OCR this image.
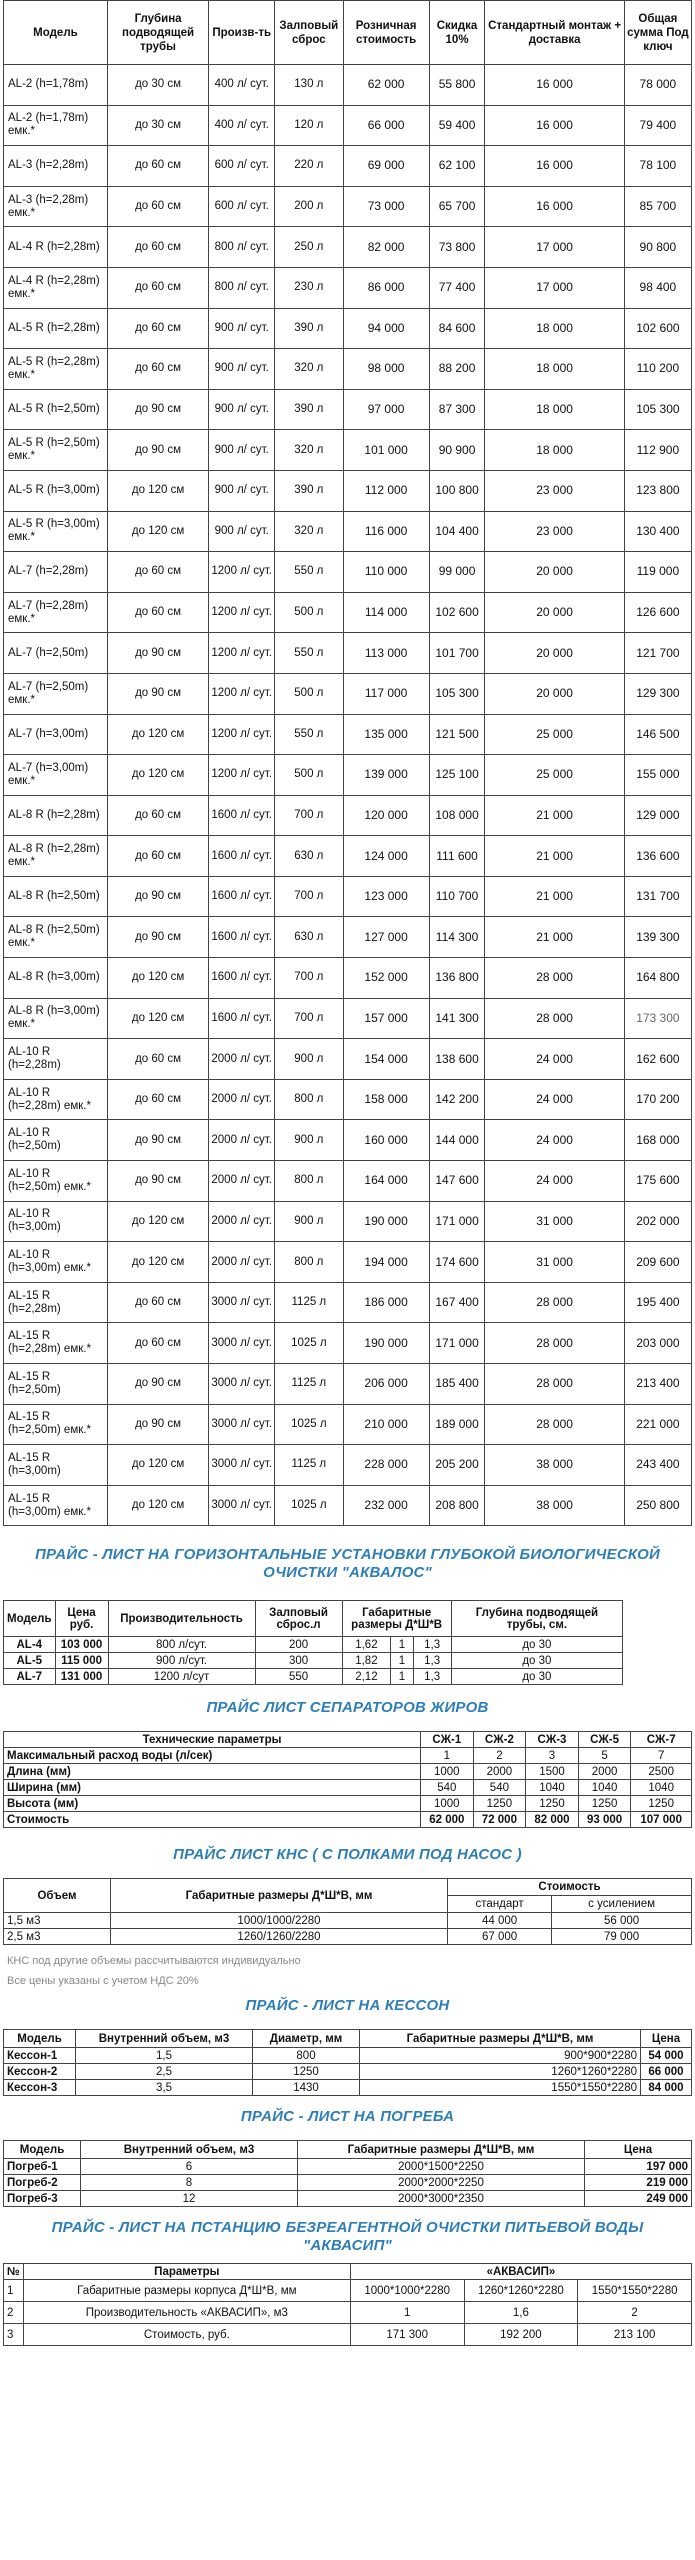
Модель	Глубина подводящей трубы	Произв-ть	Залповый сброс	Розничная стоимость	Скидка 10%	Стандартный монтаж + доставка	Общая сумма Под ключ
AL-2 (h=1,78m)	до 30 см	400 л/ сут.	130 л	62 000	55 800	16 000	78 000
AL-2 (h=1,78m) емк.*	до 30 см	400 л/ сут.	120 л	66 000	59 400	16 000	79 400
AL-3 (h=2,28m)	до 60 см	600 л/ сут.	220 л	69 000	62 100	16 000	78 100
AL-3 (h=2,28m) емк.*	до 60 см	600 л/ сут.	200 л	73 000	65 700	16 000	85 700
AL-4 R (h=2,28m)	до 60 см	800 л/ сут.	250 л	82 000	73 800	17 000	90 800
AL-4 R (h=2,28m) емк.*	до 60 см	800 л/ сут.	230 л	86 000	77 400	17 000	98 400
AL-5 R (h=2,28m)	до 60 см	900 л/ сут.	390 л	94 000	84 600	18 000	102 600
AL-5 R (h=2,28m) емк.*	до 60 см	900 л/ сут.	320 л	98 000	88 200	18 000	110 200
AL-5 R (h=2,50m)	до 90 см	900 л/ сут.	390 л	97 000	87 300	18 000	105 300
AL-5 R (h=2,50m) емк.*	до 90 см	900 л/ сут.	320 л	101 000	90 900	18 000	112 900
AL-5 R (h=3,00m)	до 120 см	900 л/ сут.	390 л	112 000	100 800	23 000	123 800
AL-5 R (h=3,00m) емк.*	до 120 см	900 л/ сут.	320 л	116 000	104 400	23 000	130 400
AL-7 (h=2,28m)	до 60 см	1200 л/ сут.	550 л	110 000	99 000	20 000	119 000
AL-7 (h=2,28m) емк.*	до 60 см	1200 л/ сут.	500 л	114 000	102 600	20 000	126 600
AL-7 (h=2,50m)	до 90 см	1200 л/ сут.	550 л	113 000	101 700	20 000	121 700
AL-7 (h=2,50m) емк.*	до 90 см	1200 л/ сут.	500 л	117 000	105 300	20 000	129 300
AL-7 (h=3,00m)	до 120 см	1200 л/ сут.	550 л	135 000	121 500	25 000	146 500
AL-7 (h=3,00m) емк.*	до 120 см	1200 л/ сут.	500 л	139 000	125 100	25 000	155 000
AL-8 R (h=2,28m)	до 60 см	1600 л/ сут.	700 л	120 000	108 000	21 000	129 000
AL-8 R (h=2,28m) емк.*	до 60 см	1600 л/ сут.	630 л	124 000	111 600	21 000	136 600
AL-8 R (h=2,50m)	до 90 см	1600 л/ сут.	700 л	123 000	110 700	21 000	131 700
AL-8 R (h=2,50m) емк.*	до 90 см	1600 л/ сут.	630 л	127 000	114 300	21 000	139 300
AL-8 R (h=3,00m)	до 120 см	1600 л/ сут.	700 л	152 000	136 800	28 000	164 800
AL-8 R (h=3,00m) емк.*	до 120 см	1600 л/ сут.	700 л	157 000	141 300	28 000	173 300
AL-10 R (h=2,28m)	до 60 см	2000 л/ сут.	900 л	154 000	138 600	24 000	162 600
AL-10 R (h=2,28m) емк.*	до 60 см	2000 л/ сут.	800 л	158 000	142 200	24 000	170 200
AL-10 R (h=2,50m)	до 90 см	2000 л/ сут.	900 л	160 000	144 000	24 000	168 000
AL-10 R (h=2,50m) емк.*	до 90 см	2000 л/ сут.	800 л	164 000	147 600	24 000	175 600
AL-10 R (h=3,00m)	до 120 см	2000 л/ сут.	900 л	190 000	171 000	31 000	202 000
AL-10 R (h=3,00m) емк.*	до 120 см	2000 л/ сут.	800 л	194 000	174 600	31 000	209 600
AL-15 R (h=2,28m)	до 60 см	3000 л/ сут.	1125 л	186 000	167 400	28 000	195 400
AL-15 R (h=2,28m) емк.*	до 60 см	3000 л/ сут.	1025 л	190 000	171 000	28 000	203 000
AL-15 R (h=2,50m)	до 90 см	3000 л/ сут.	1125 л	206 000	185 400	28 000	213 400
AL-15 R (h=2,50m) емк.*	до 90 см	3000 л/ сут.	1025 л	210 000	189 000	28 000	221 000
AL-15 R (h=3,00m)	до 120 см	3000 л/ сут.	1125 л	228 000	205 200	38 000	243 400
AL-15 R (h=3,00m) емк.*	до 120 см	3000 л/ сут.	1025 л	232 000	208 800	38 000	250 800
ПРАЙС - ЛИСТ НА ГОРИЗОНТАЛЬНЫЕ УСТАНОВКИ ГЛУБОКОЙ БИОЛОГИЧЕСКОЙ ОЧИСТКИ "АКВАЛОС"
Модель	Цена руб.	Производительность	Залповый сброс.л	Габаритные размеры Д*Ш*В			Глубина подводящей трубы, см.
AL-4	103 000	800 л/сут.	200	1,62	1	1,3	до 30
AL-5	115 000	900 л/сут.	300	1,82	1	1,3	до 30
AL-7	131 000	1200 л/сут	550	2,12	1	1,3	до 30
ПРАЙС ЛИСТ СЕПАРАТОРОВ ЖИРОВ
Технические параметры	СЖ-1	СЖ-2	СЖ-3	СЖ-5	СЖ-7
Максимальный расход воды (л/сек)	1	2	3	5	7
Длина (мм)	1000	2000	1500	2000	2500
Ширина (мм)	540	540	1040	1040	1040
Высота (мм)	1000	1250	1250	1250	1250
Стоимость	62 000	72 000	82 000	93 000	107 000
ПРАЙС ЛИСТ КНС ( С ПОЛКАМИ ПОД НАСОС )
Объем	Габаритные размеры Д*Ш*В, мм	Стоимость	
		стандарт	с усилением
1,5 м3	1000/1000/2280	44 000	56 000
2,5 м3	1260/1260/2280	67 000	79 000
КНС под другие объемы рассчитываются индивидуально
Все цены указаны с учетом НДС 20%
ПРАЙС - ЛИСТ НА КЕССОН
Модель	Внутренний объем, м3	Диаметр, мм	Габаритные размеры Д*Ш*В, мм	Цена
Кессон-1	1,5	800	900*900*2280	54 000
Кессон-2	2,5	1250	1260*1260*2280	66 000
Кессон-3	3,5	1430	1550*1550*2280	84 000
ПРАЙС - ЛИСТ НА ПОГРЕБА
Модель	Внутренний объем, м3	Габаритные размеры Д*Ш*В, мм	Цена
Погреб-1	6	2000*1500*2250	197 000
Погреб-2	8	2000*2000*2250	219 000
Погреб-3	12	2000*3000*2350	249 000
ПРАЙС - ЛИСТ НА ПСТАНЦИЮ БЕЗРЕАГЕНТНОЙ ОЧИСТКИ ПИТЬЕВОЙ ВОДЫ "АКВАСИП"
№	Параметры	«АКВАСИП»		
1	Габаритные размеры корпуса Д*Ш*В, мм	1000*1000*2280	1260*1260*2280	1550*1550*2280
2	Производительность «АКВАСИП», м3	1	1,6	2
3	Стоимость, руб.	171 300	192 200	213 100
